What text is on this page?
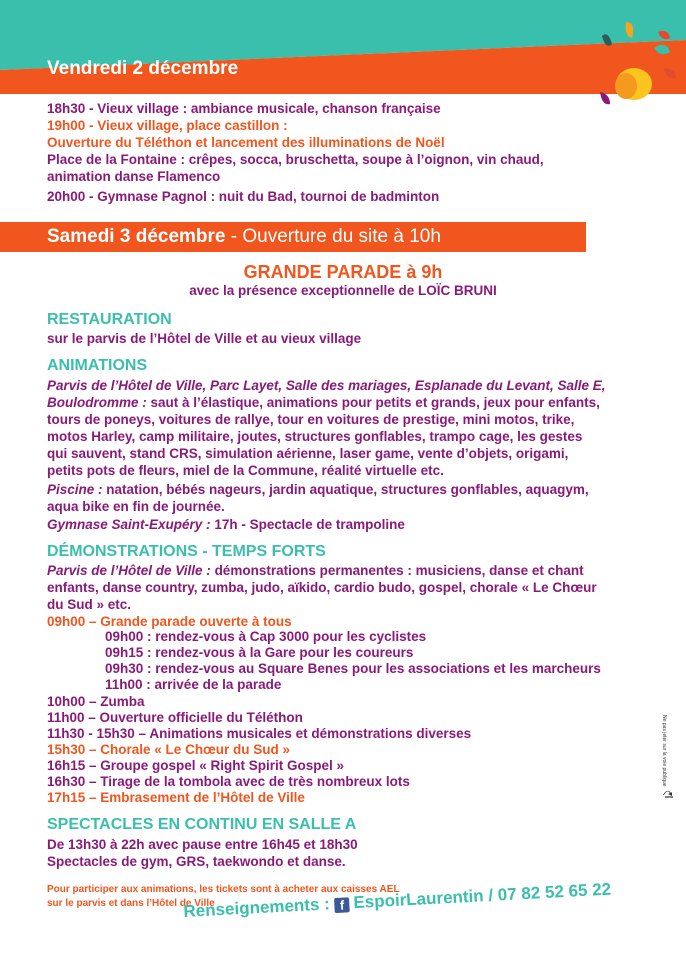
Vendredi 2 décembre
18h30 - Vieux village : ambiance musicale, chanson française
19h00 - Vieux village, place castillon :
Ouverture du Téléthon et lancement des illuminations de Noël
Place de la Fontaine : crêpes, socca, bruschetta, soupe à l’oignon, vin chaud,
animation danse Flamenco
20h00 - Gymnase Pagnol : nuit du Bad, tournoi de badminton
Samedi 3 décembre - Ouverture du site à 10h
GRANDE PARADE à 9h
avec la présence exceptionnelle de LOÏC BRUNI
RESTAURATION
sur le parvis de l’Hôtel de Ville et au vieux village
ANIMATIONS
Parvis de l’Hôtel de Ville, Parc Layet, Salle des mariages, Esplanade du Levant, Salle E,
Boulodromme : saut à l’élastique, animations pour petits et grands, jeux pour enfants,
tours de poneys, voitures de rallye, tour en voitures de prestige, mini motos, trike,
motos Harley, camp militaire, joutes, structures gonflables, trampo cage, les gestes
qui sauvent, stand CRS, simulation aérienne, laser game, vente d’objets, origami,
petits pots de fleurs, miel de la Commune, réalité virtuelle etc.
Piscine : natation, bébés nageurs, jardin aquatique, structures gonflables, aquagym,
aqua bike en fin de journée.
Gymnase Saint-Exupéry : 17h - Spectacle de trampoline
DÉMONSTRATIONS - TEMPS FORTS
Parvis de l’Hôtel de Ville : démonstrations permanentes : musiciens, danse et chant
enfants, danse country, zumba, judo, aïkido, cardio budo, gospel, chorale « Le Chœur
du Sud » etc.
09h00 – Grande parade ouverte à tous
09h00 : rendez-vous à Cap 3000 pour les cyclistes
09h15 : rendez-vous à la Gare pour les coureurs
09h30 : rendez-vous au Square Benes pour les associations et les marcheurs
11h00 : arrivée de la parade
10h00 – Zumba
11h00 – Ouverture officielle du Téléthon
11h30 - 15h30 – Animations musicales et démonstrations diverses
15h30 – Chorale « Le Chœur du Sud »
16h15 – Groupe gospel « Right Spirit Gospel »
16h30 – Tirage de la tombola avec de très nombreux lots
17h15 – Embrasement de l’Hôtel de Ville
SPECTACLES EN CONTINU EN SALLE A
De 13h30 à 22h avec pause entre 16h45 et 18h30
Spectacles de gym, GRS, taekwondo et danse.
Pour participer aux animations, les tickets sont à acheter aux caisses AEL
sur le parvis et dans l’Hôtel de Ville
Renseignements : f EspoirLaurentin / 07 82 52 65 22
Ne pas jeter sur la voie publique
